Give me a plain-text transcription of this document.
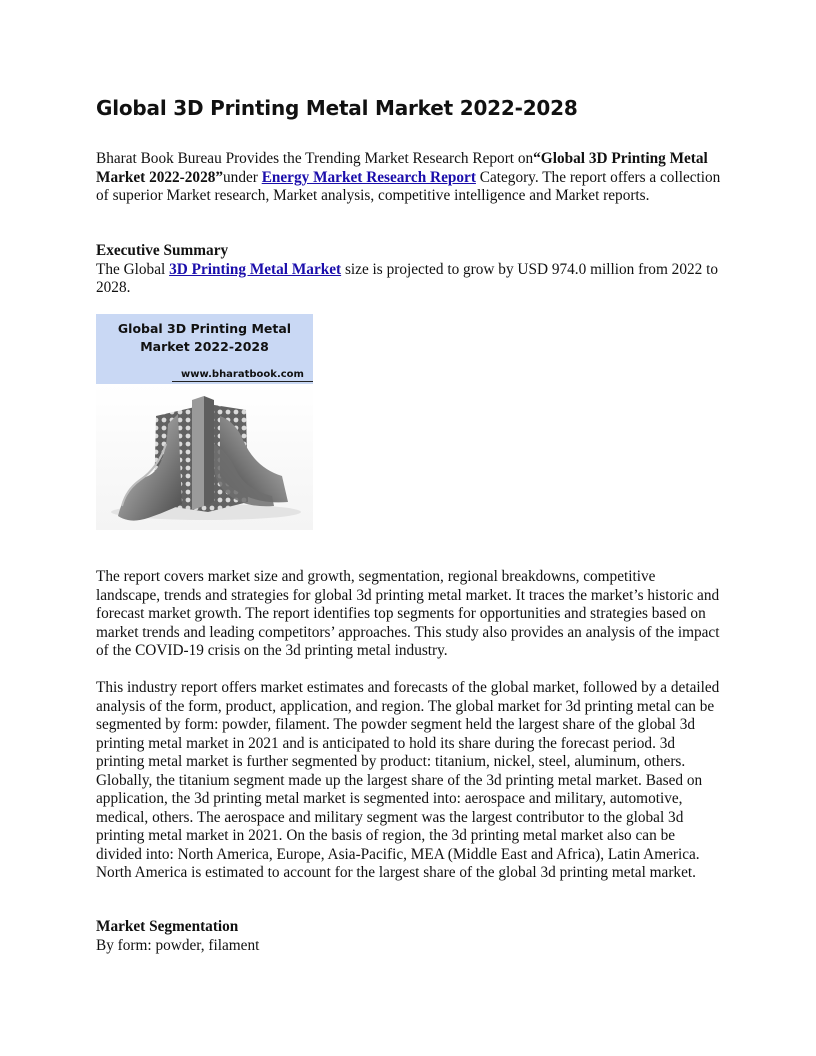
Global 3D Printing Metal Market 2022-2028

Bharat Book Bureau Provides the Trending Market Research Report on“Global 3D Printing Metal Market 2022-2028”under Energy Market Research Report Category. The report offers a collection of superior Market research, Market analysis, competitive intelligence and Market reports.

Executive Summary
The Global 3D Printing Metal Market size is projected to grow by USD 974.0 million from 2022 to 2028.

Global 3D Printing Metal Market 2022-2028
www.bharatbook.com

The report covers market size and growth, segmentation, regional breakdowns, competitive landscape, trends and strategies for global 3d printing metal market. It traces the market’s historic and forecast market growth. The report identifies top segments for opportunities and strategies based on market trends and leading competitors’ approaches. This study also provides an analysis of the impact of the COVID-19 crisis on the 3d printing metal industry.

This industry report offers market estimates and forecasts of the global market, followed by a detailed analysis of the form, product, application, and region. The global market for 3d printing metal can be segmented by form: powder, filament. The powder segment held the largest share of the global 3d printing metal market in 2021 and is anticipated to hold its share during the forecast period. 3d printing metal market is further segmented by product: titanium, nickel, steel, aluminum, others. Globally, the titanium segment made up the largest share of the 3d printing metal market. Based on application, the 3d printing metal market is segmented into: aerospace and military, automotive, medical, others. The aerospace and military segment was the largest contributor to the global 3d printing metal market in 2021. On the basis of region, the 3d printing metal market also can be divided into: North America, Europe, Asia-Pacific, MEA (Middle East and Africa), Latin America. North America is estimated to account for the largest share of the global 3d printing metal market.

Market Segmentation
By form: powder, filament
